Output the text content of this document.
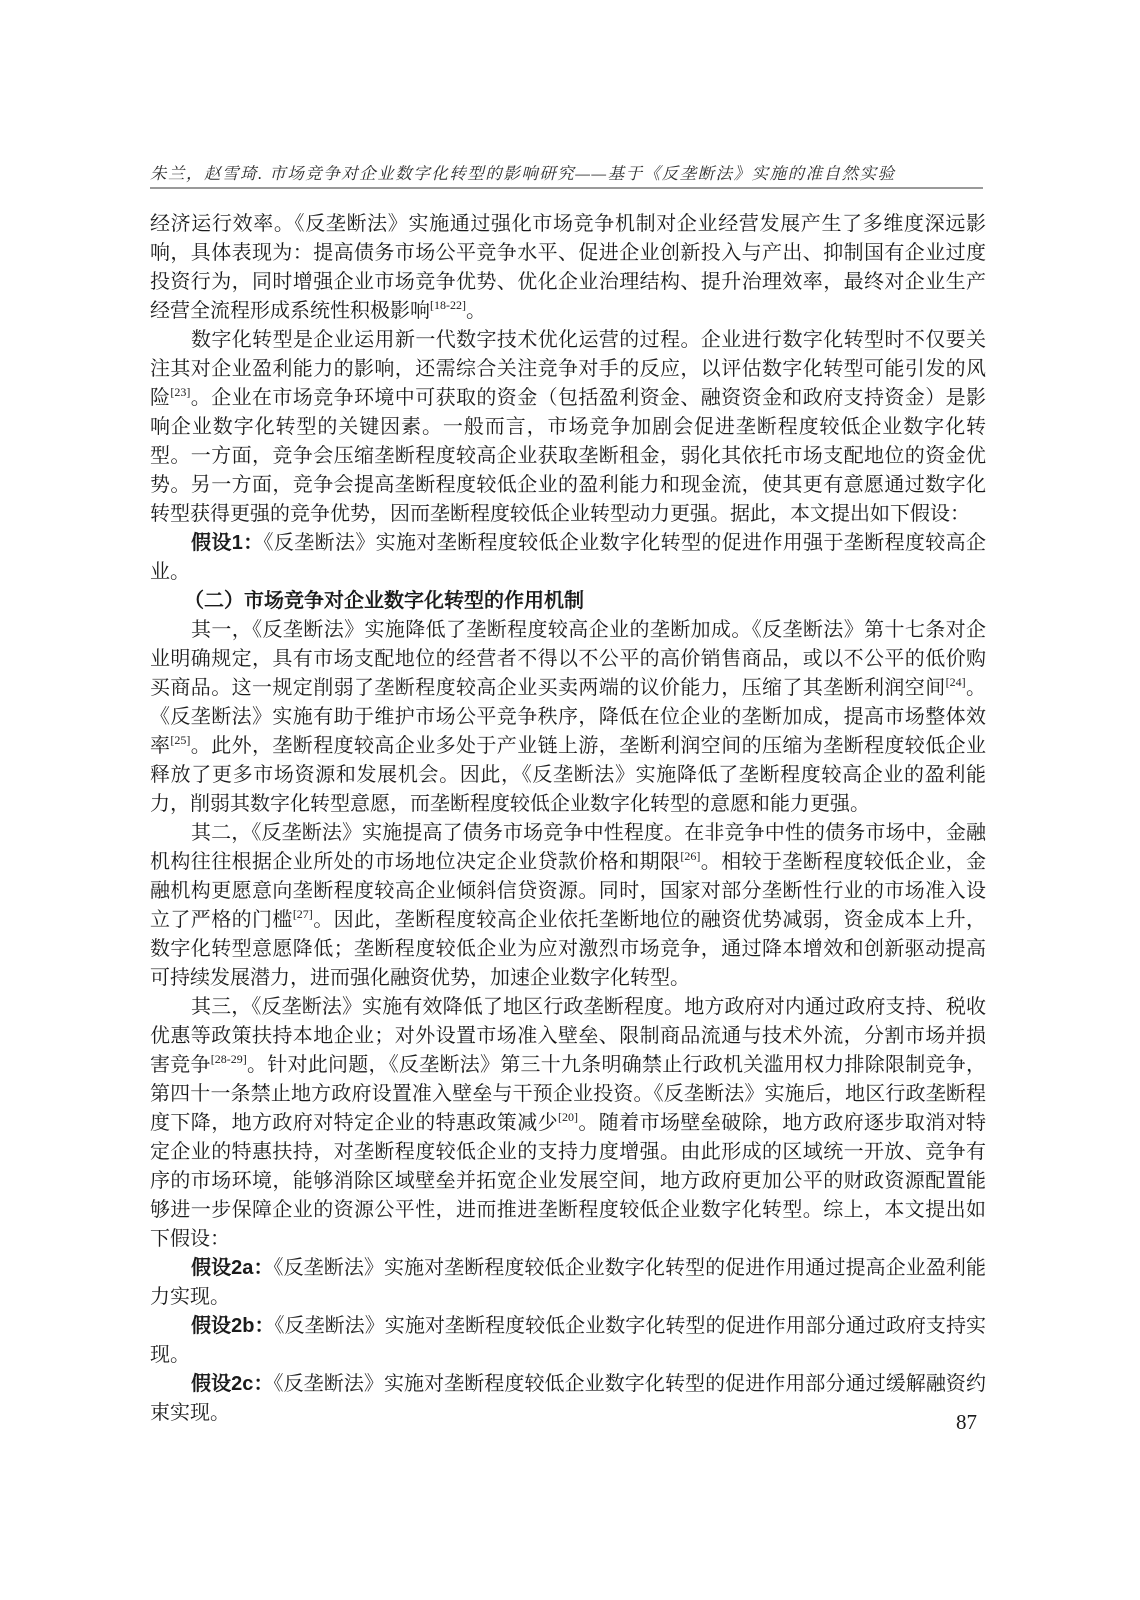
朱兰，赵雪琦. 市场竞争对企业数字化转型的影响研究——基于《反垄断法》实施的准自然实验

经济运行效率。《反垄断法》实施通过强化市场竞争机制对企业经营发展产生了多维度深远影响，具体表现为：提高债务市场公平竞争水平、促进企业创新投入与产出、抑制国有企业过度投资行为，同时增强企业市场竞争优势、优化企业治理结构、提升治理效率，最终对企业生产经营全流程形成系统性积极影响[18-22]。

数字化转型是企业运用新一代数字技术优化运营的过程。企业进行数字化转型时不仅要关注其对企业盈利能力的影响，还需综合关注竞争对手的反应，以评估数字化转型可能引发的风险[23]。企业在市场竞争环境中可获取的资金（包括盈利资金、融资资金和政府支持资金）是影响企业数字化转型的关键因素。一般而言，市场竞争加剧会促进垄断程度较低企业数字化转型。一方面，竞争会压缩垄断程度较高企业获取垄断租金，弱化其依托市场支配地位的资金优势。另一方面，竞争会提高垄断程度较低企业的盈利能力和现金流，使其更有意愿通过数字化转型获得更强的竞争优势，因而垄断程度较低企业转型动力更强。据此，本文提出如下假设：

假设1：《反垄断法》实施对垄断程度较低企业数字化转型的促进作用强于垄断程度较高企业。

（二）市场竞争对企业数字化转型的作用机制

其一，《反垄断法》实施降低了垄断程度较高企业的垄断加成。《反垄断法》第十七条对企业明确规定，具有市场支配地位的经营者不得以不公平的高价销售商品，或以不公平的低价购买商品。这一规定削弱了垄断程度较高企业买卖两端的议价能力，压缩了其垄断利润空间[24]。《反垄断法》实施有助于维护市场公平竞争秩序，降低在位企业的垄断加成，提高市场整体效率[25]。此外，垄断程度较高企业多处于产业链上游，垄断利润空间的压缩为垄断程度较低企业释放了更多市场资源和发展机会。因此，《反垄断法》实施降低了垄断程度较高企业的盈利能力，削弱其数字化转型意愿，而垄断程度较低企业数字化转型的意愿和能力更强。

其二，《反垄断法》实施提高了债务市场竞争中性程度。在非竞争中性的债务市场中，金融机构往往根据企业所处的市场地位决定企业贷款价格和期限[26]。相较于垄断程度较低企业，金融机构更愿意向垄断程度较高企业倾斜信贷资源。同时，国家对部分垄断性行业的市场准入设立了严格的门槛[27]。因此，垄断程度较高企业依托垄断地位的融资优势减弱，资金成本上升，数字化转型意愿降低；垄断程度较低企业为应对激烈市场竞争，通过降本增效和创新驱动提高可持续发展潜力，进而强化融资优势，加速企业数字化转型。

其三，《反垄断法》实施有效降低了地区行政垄断程度。地方政府对内通过政府支持、税收优惠等政策扶持本地企业；对外设置市场准入壁垒、限制商品流通与技术外流，分割市场并损害竞争[28-29]。针对此问题，《反垄断法》第三十九条明确禁止行政机关滥用权力排除限制竞争，第四十一条禁止地方政府设置准入壁垒与干预企业投资。《反垄断法》实施后，地区行政垄断程度下降，地方政府对特定企业的特惠政策减少[20]。随着市场壁垒破除，地方政府逐步取消对特定企业的特惠扶持，对垄断程度较低企业的支持力度增强。由此形成的区域统一开放、竞争有序的市场环境，能够消除区域壁垒并拓宽企业发展空间，地方政府更加公平的财政资源配置能够进一步保障企业的资源公平性，进而推进垄断程度较低企业数字化转型。综上，本文提出如下假设：

假设2a：《反垄断法》实施对垄断程度较低企业数字化转型的促进作用通过提高企业盈利能力实现。

假设2b：《反垄断法》实施对垄断程度较低企业数字化转型的促进作用部分通过政府支持实现。

假设2c：《反垄断法》实施对垄断程度较低企业数字化转型的促进作用部分通过缓解融资约束实现。	87
